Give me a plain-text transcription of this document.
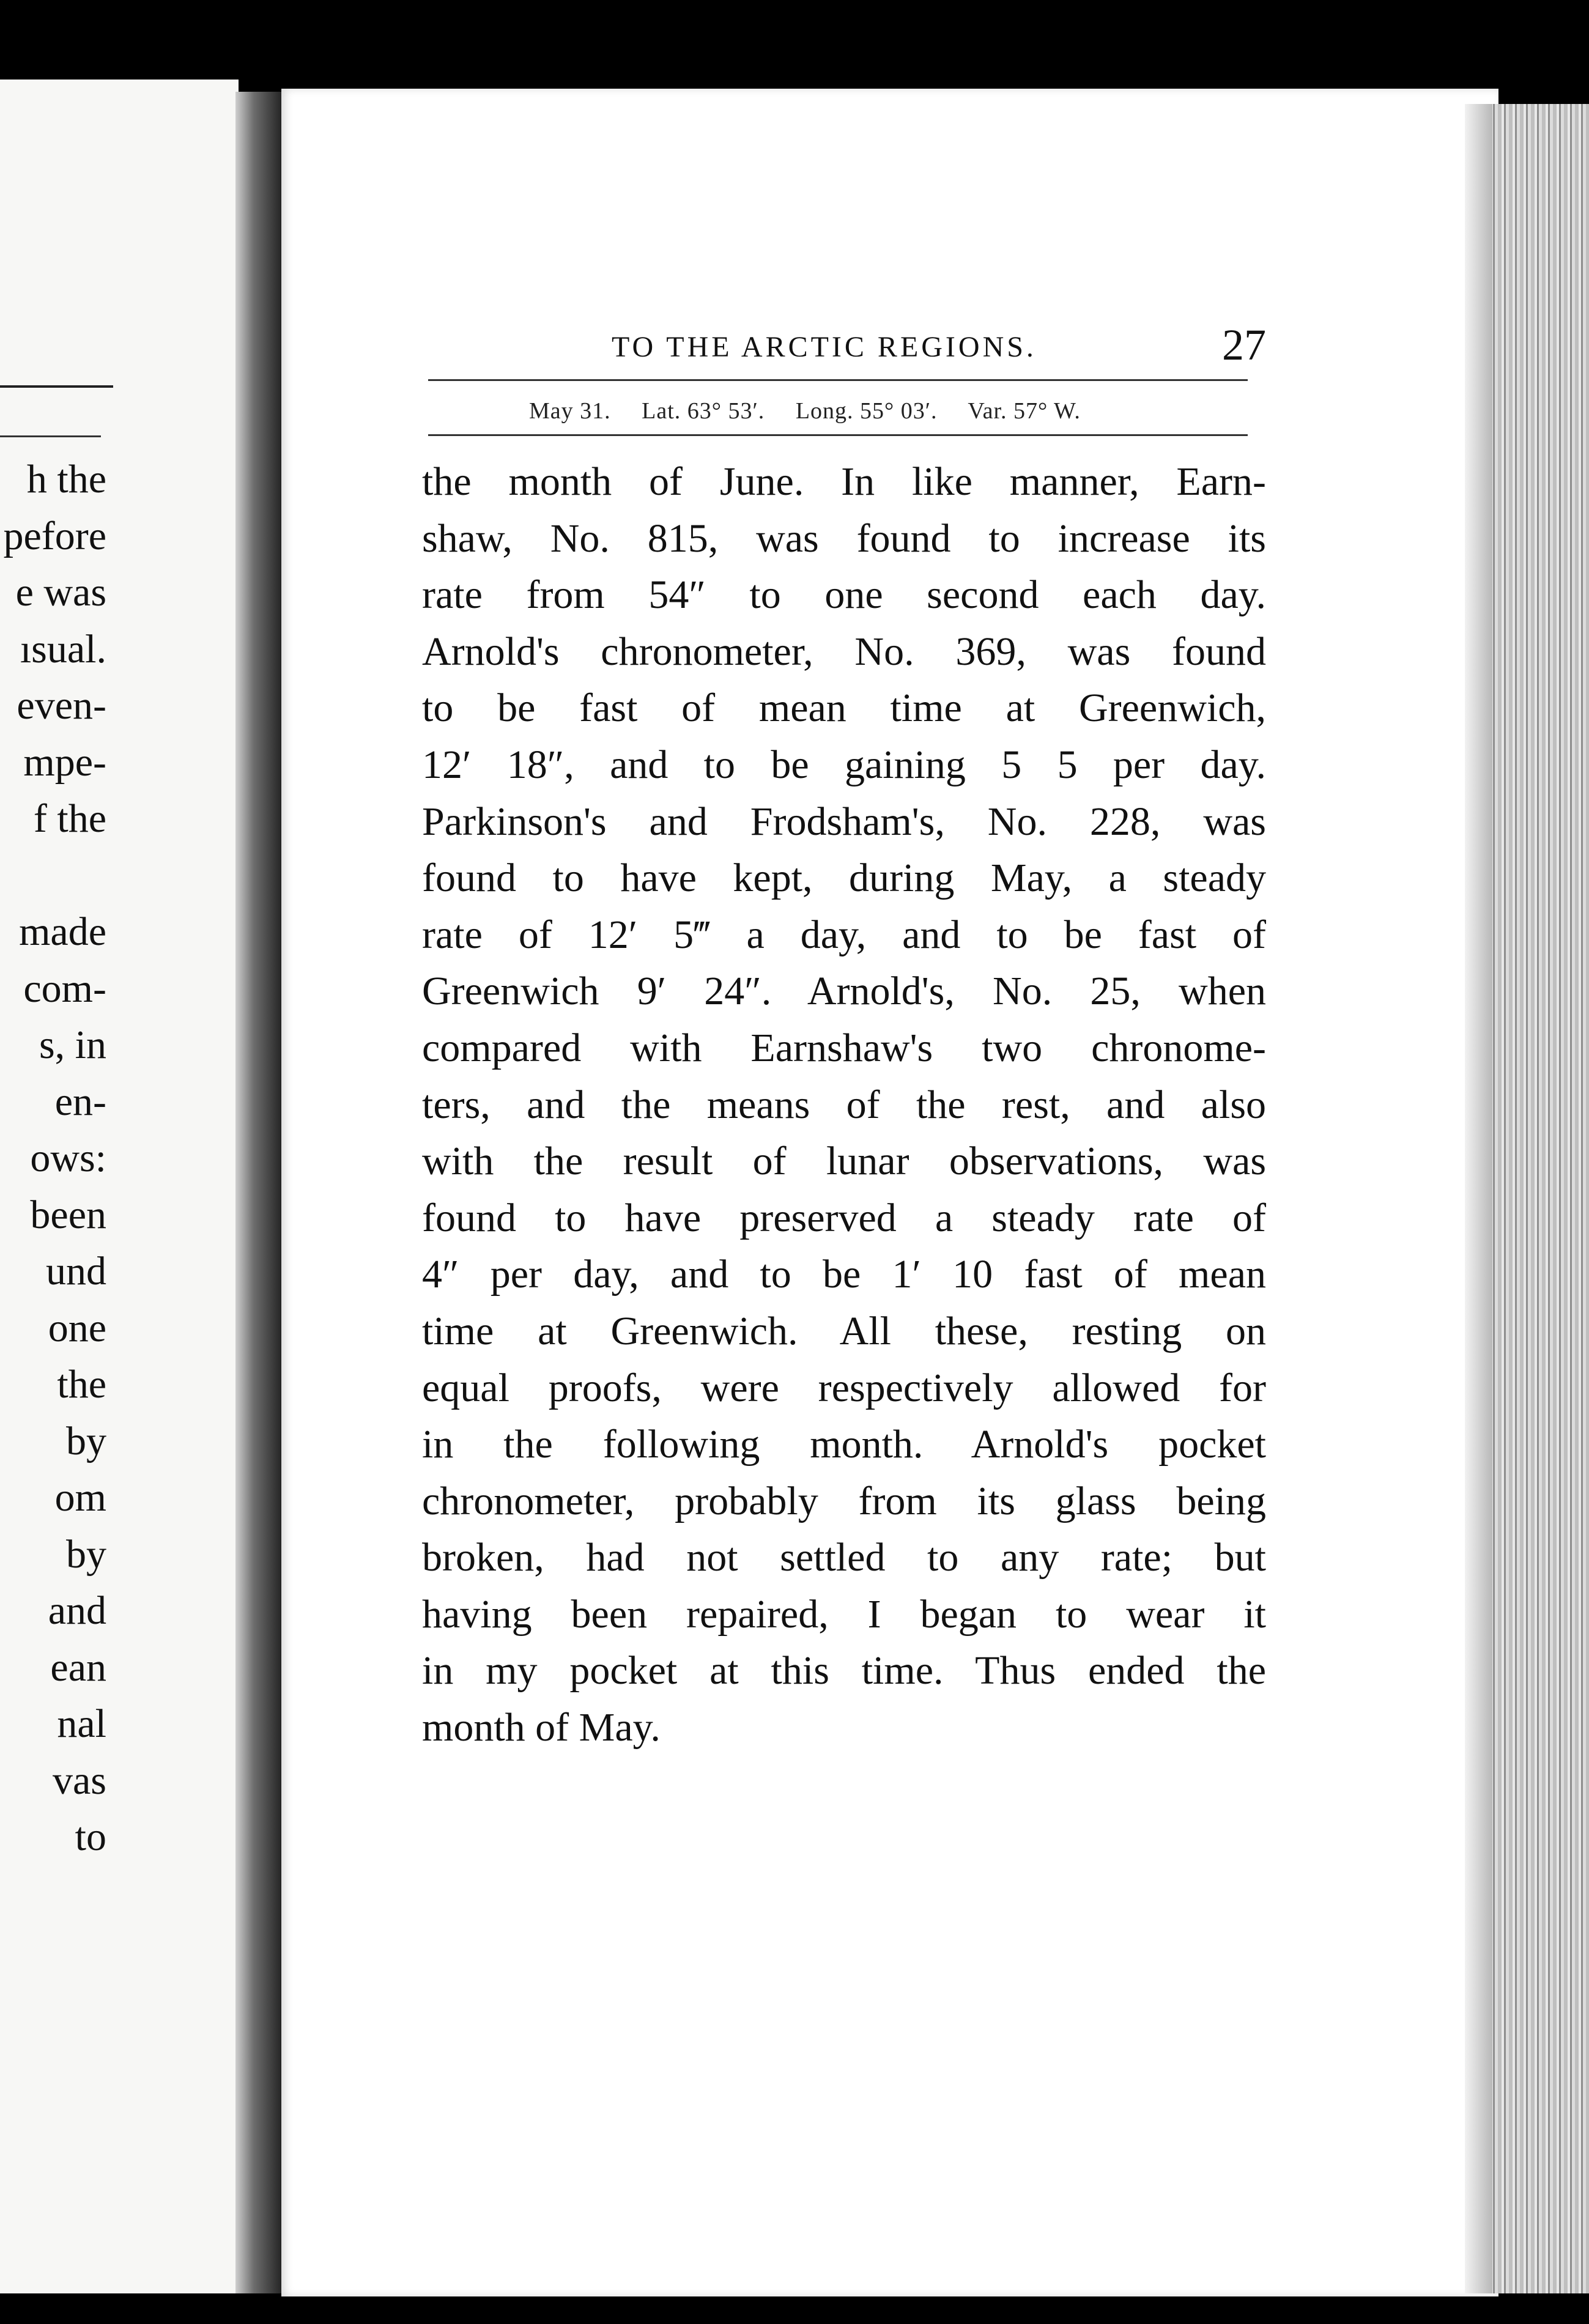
h the
pefore
e was
ısual.
even-
mpe-
f the
made
com-
s, in
en-
ows:
been
und
one
the
by
om
by
and
ean
nal
vas
to
TO THE ARCTIC REGIONS.	27
May 31. Lat. 63° 53′. Long. 55° 03′. Var. 57° W.
the month of June. In like manner, Earn-
shaw, No. 815, was found to increase its
rate from 54″ to one second each day.
Arnold's chronometer, No. 369, was found
to be fast of mean time at Greenwich,
12′ 18″, and to be gaining 5 5 per day.
Parkinson's and Frodsham's, No. 228, was
found to have kept, during May, a steady
rate of 12′ 5‴ a day, and to be fast of
Greenwich 9′ 24″. Arnold's, No. 25, when
compared with Earnshaw's two chronome-
ters, and the means of the rest, and also
with the result of lunar observations, was
found to have preserved a steady rate of
4″ per day, and to be 1′ 10 fast of mean
time at Greenwich. All these, resting on
equal proofs, were respectively allowed for
in the following month. Arnold's pocket
chronometer, probably from its glass being
broken, had not settled to any rate; but
having been repaired, I began to wear it
in my pocket at this time. Thus ended the
month of May.
